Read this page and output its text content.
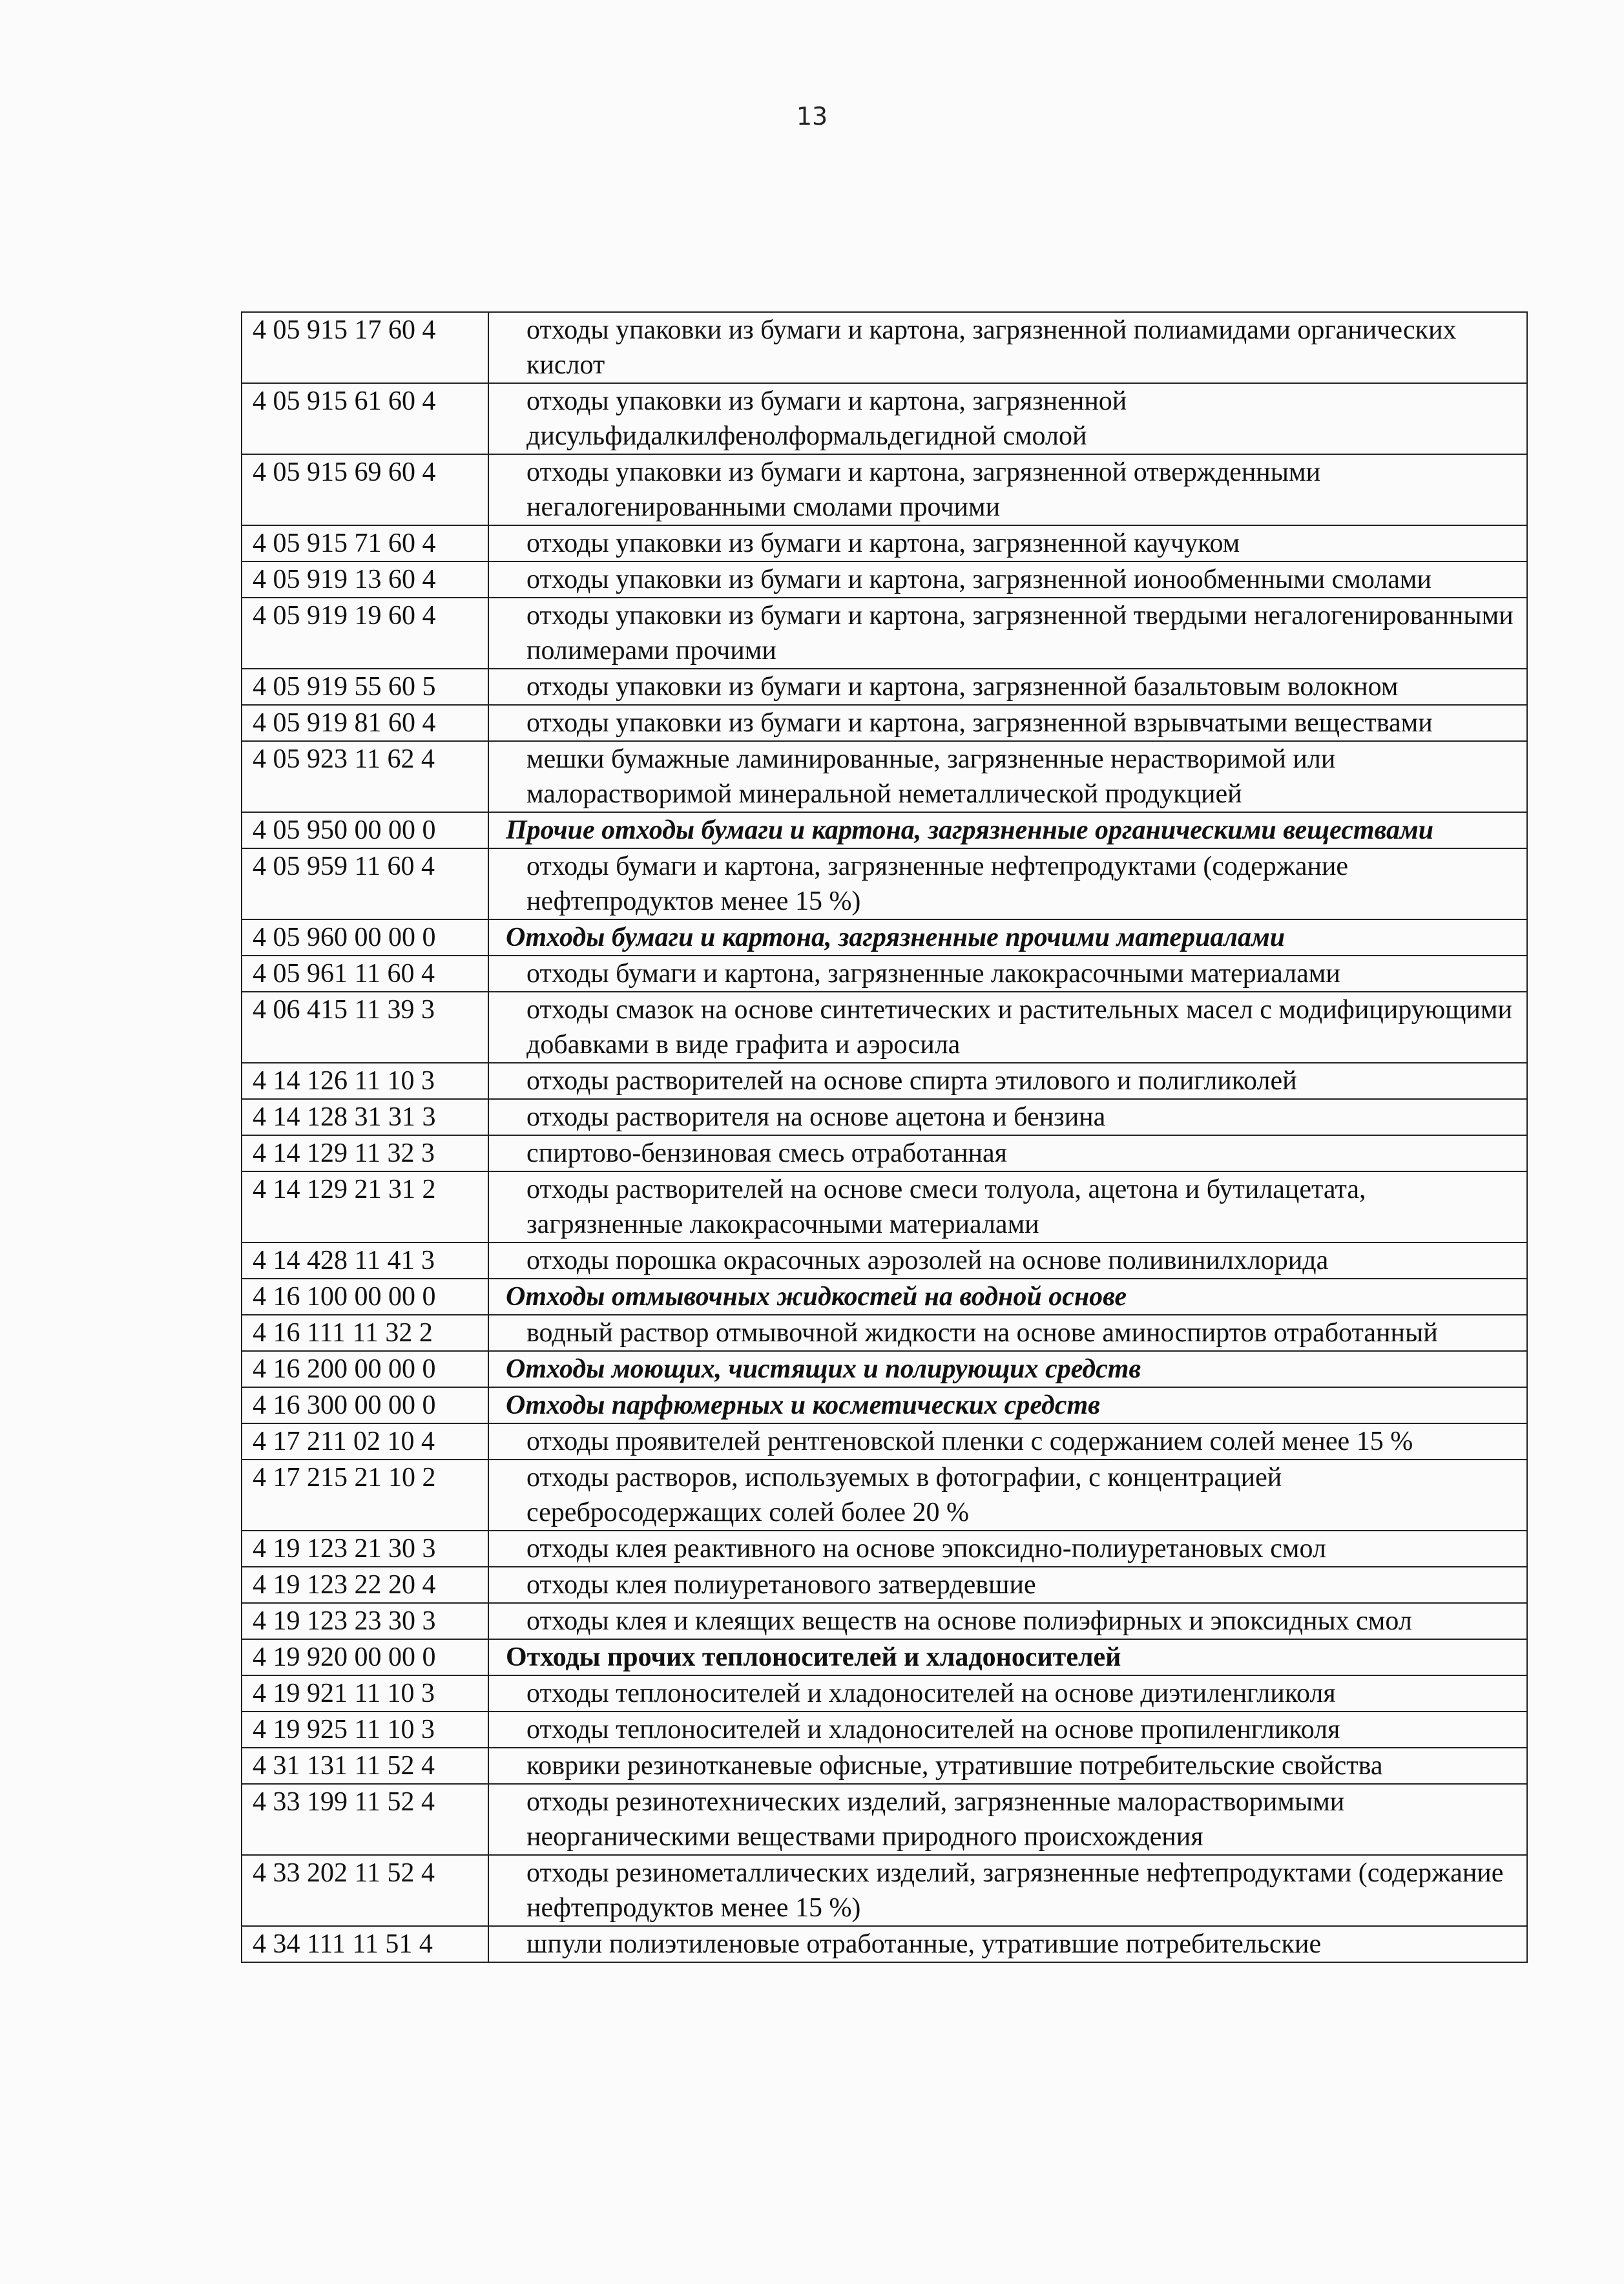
13
4 05 915 17 60 4	отходы упаковки из бумаги и картона, загрязненной полиамидами органических кислот
4 05 915 61 60 4	отходы упаковки из бумаги и картона, загрязненной дисульфидалкилфенолформальдегидной смолой
4 05 915 69 60 4	отходы упаковки из бумаги и картона, загрязненной отвержденными негалогенированными смолами прочими
4 05 915 71 60 4	отходы упаковки из бумаги и картона, загрязненной каучуком
4 05 919 13 60 4	отходы упаковки из бумаги и картона, загрязненной ионообменными смолами
4 05 919 19 60 4	отходы упаковки из бумаги и картона, загрязненной твердыми негалогенированными полимерами прочими
4 05 919 55 60 5	отходы упаковки из бумаги и картона, загрязненной базальтовым волокном
4 05 919 81 60 4	отходы упаковки из бумаги и картона, загрязненной взрывчатыми веществами
4 05 923 11 62 4	мешки бумажные ламинированные, загрязненные нерастворимой или малорастворимой минеральной неметаллической продукцией
4 05 950 00 00 0	Прочие отходы бумаги и картона, загрязненные органическими веществами
4 05 959 11 60 4	отходы бумаги и картона, загрязненные нефтепродуктами (содержание нефтепродуктов менее 15 %)
4 05 960 00 00 0	Отходы бумаги и картона, загрязненные прочими материалами
4 05 961 11 60 4	отходы бумаги и картона, загрязненные лакокрасочными материалами
4 06 415 11 39 3	отходы смазок на основе синтетических и растительных масел с модифицирующими добавками в виде графита и аэросила
4 14 126 11 10 3	отходы растворителей на основе спирта этилового и полигликолей
4 14 128 31 31 3	отходы растворителя на основе ацетона и бензина
4 14 129 11 32 3	спиртово-бензиновая смесь отработанная
4 14 129 21 31 2	отходы растворителей на основе смеси толуола, ацетона и бутилацетата, загрязненные лакокрасочными материалами
4 14 428 11 41 3	отходы порошка окрасочных аэрозолей на основе поливинилхлорида
4 16 100 00 00 0	Отходы отмывочных жидкостей на водной основе
4 16 111 11 32 2	водный раствор отмывочной жидкости на основе аминоспиртов отработанный
4 16 200 00 00 0	Отходы моющих, чистящих и полирующих средств
4 16 300 00 00 0	Отходы парфюмерных и косметических средств
4 17 211 02 10 4	отходы проявителей рентгеновской пленки с содержанием солей менее 15 %
4 17 215 21 10 2	отходы растворов, используемых в фотографии, с концентрацией серебросодержащих солей более 20 %
4 19 123 21 30 3	отходы клея реактивного на основе эпоксидно-полиуретановых смол
4 19 123 22 20 4	отходы клея полиуретанового затвердевшие
4 19 123 23 30 3	отходы клея и клеящих веществ на основе полиэфирных и эпоксидных смол
4 19 920 00 00 0	Отходы прочих теплоносителей и хладоносителей
4 19 921 11 10 3	отходы теплоносителей и хладоносителей на основе диэтиленгликоля
4 19 925 11 10 3	отходы теплоносителей и хладоносителей на основе пропиленгликоля
4 31 131 11 52 4	коврики резинотканевые офисные, утратившие потребительские свойства
4 33 199 11 52 4	отходы резинотехнических изделий, загрязненные малорастворимыми неорганическими веществами природного происхождения
4 33 202 11 52 4	отходы резинометаллических изделий, загрязненные нефтепродуктами (содержание нефтепродуктов менее 15 %)
4 34 111 11 51 4	шпули полиэтиленовые отработанные, утратившие потребительские
